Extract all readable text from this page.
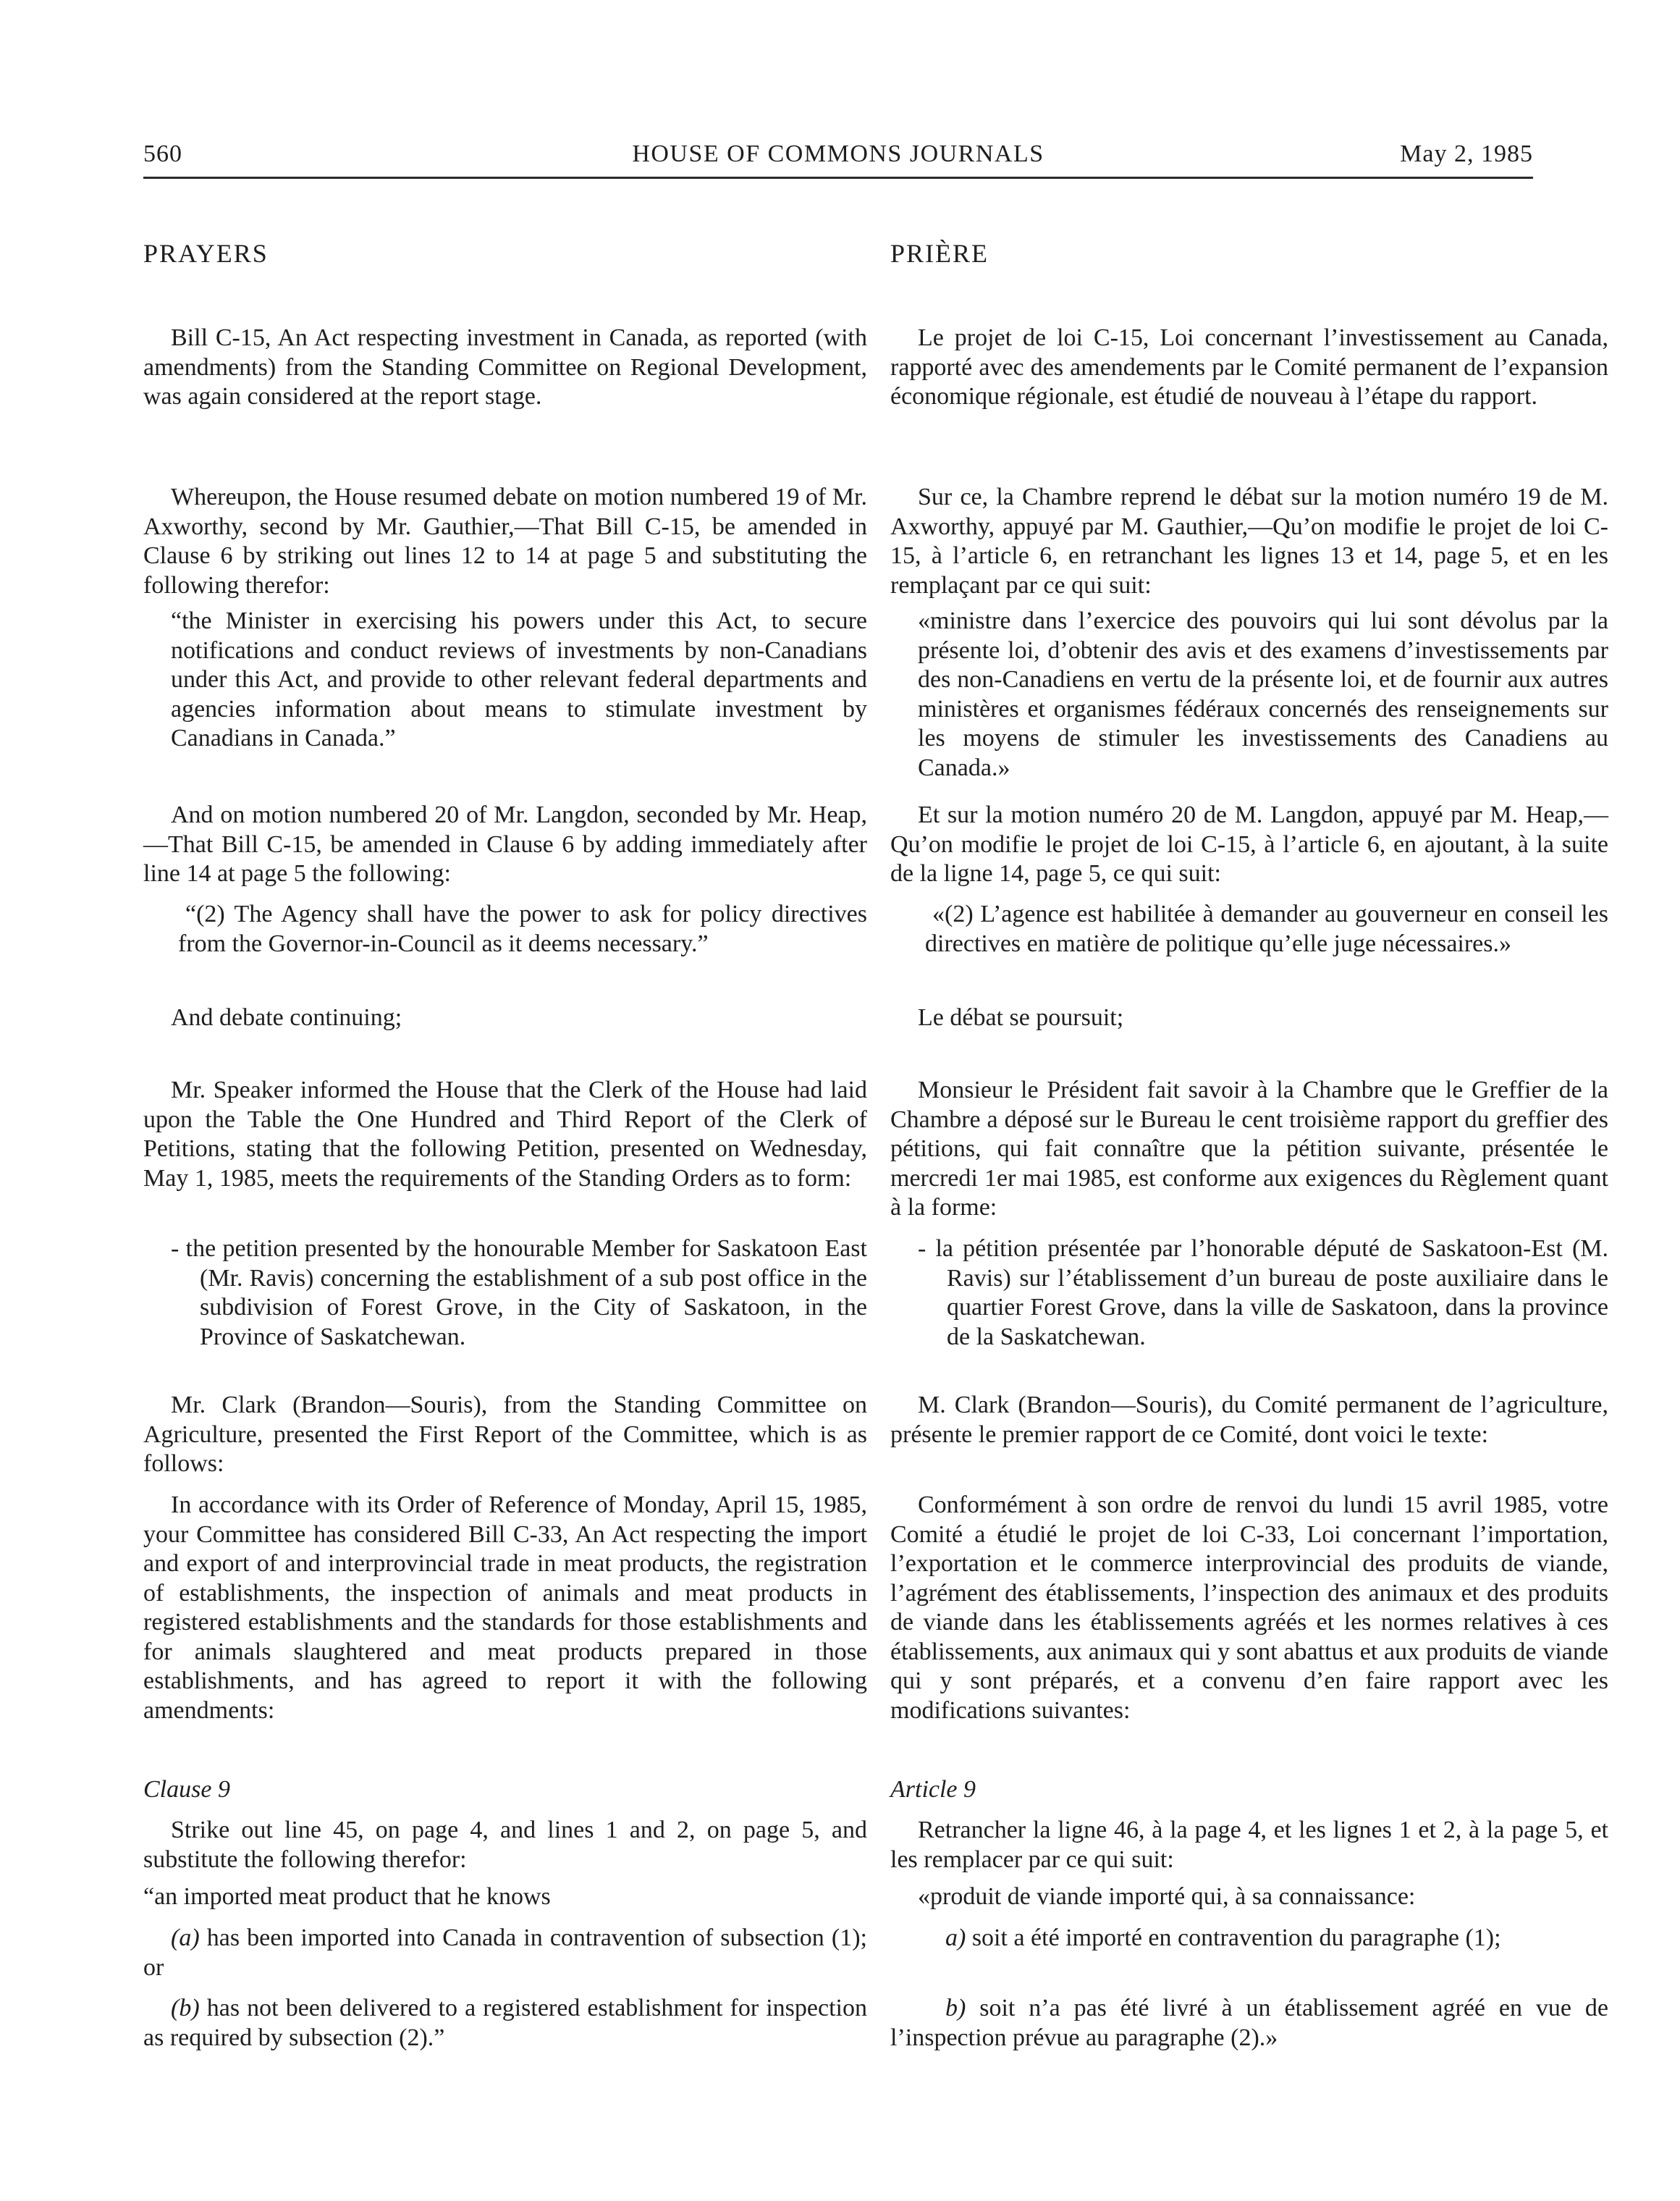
HOUSE OF COMMONS JOURNALS
560	May 2, 1985

PRAYERS

Bill C-15, An Act respecting investment in Canada, as reported (with amendments) from the Standing Committee on Regional Development, was again considered at the report stage.

Whereupon, the House resumed debate on motion numbered 19 of Mr. Axworthy, second by Mr. Gauthier,—That Bill C-15, be amended in Clause 6 by striking out lines 12 to 14 at page 5 and substituting the following therefor:

“the Minister in exercising his powers under this Act, to secure notifications and conduct reviews of investments by non-Canadians under this Act, and provide to other relevant federal departments and agencies information about means to stimulate investment by Canadians in Canada.”

And on motion numbered 20 of Mr. Langdon, seconded by Mr. Heap,—That Bill C-15, be amended in Clause 6 by adding immediately after line 14 at page 5 the following:

“(2) The Agency shall have the power to ask for policy directives from the Governor-in-Council as it deems necessary.”

And debate continuing;

Mr. Speaker informed the House that the Clerk of the House had laid upon the Table the One Hundred and Third Report of the Clerk of Petitions, stating that the following Petition, presented on Wednesday, May 1, 1985, meets the requirements of the Standing Orders as to form:

- the petition presented by the honourable Member for Saskatoon East (Mr. Ravis) concerning the establishment of a sub post office in the subdivision of Forest Grove, in the City of Saskatoon, in the Province of Saskatchewan.

Mr. Clark (Brandon—Souris), from the Standing Committee on Agriculture, presented the First Report of the Committee, which is as follows:

In accordance with its Order of Reference of Monday, April 15, 1985, your Committee has considered Bill C-33, An Act respecting the import and export of and interprovincial trade in meat products, the registration of establishments, the inspection of animals and meat products in registered establishments and the standards for those establishments and for animals slaughtered and meat products prepared in those establishments, and has agreed to report it with the following amendments:

Clause 9

Strike out line 45, on page 4, and lines 1 and 2, on page 5, and substitute the following therefor:

“an imported meat product that he knows

(a) has been imported into Canada in contravention of subsection (1); or

(b) has not been delivered to a registered establishment for inspection as required by subsection (2).”

PRIÈRE

Le projet de loi C-15, Loi concernant l’investissement au Canada, rapporté avec des amendements par le Comité permanent de l’expansion économique régionale, est étudié de nouveau à l’étape du rapport.

Sur ce, la Chambre reprend le débat sur la motion numéro 19 de M. Axworthy, appuyé par M. Gauthier,—Qu’on modifie le projet de loi C-15, à l’article 6, en retranchant les lignes 13 et 14, page 5, et en les remplaçant par ce qui suit:

«ministre dans l’exercice des pouvoirs qui lui sont dévolus par la présente loi, d’obtenir des avis et des examens d’investissements par des non-Canadiens en vertu de la présente loi, et de fournir aux autres ministères et organismes fédéraux concernés des renseignements sur les moyens de stimuler les investissements des Canadiens au Canada.»

Et sur la motion numéro 20 de M. Langdon, appuyé par M. Heap,—Qu’on modifie le projet de loi C-15, à l’article 6, en ajoutant, à la suite de la ligne 14, page 5, ce qui suit:

«(2) L’agence est habilitée à demander au gouverneur en conseil les directives en matière de politique qu’elle juge nécessaires.»

Le débat se poursuit;

Monsieur le Président fait savoir à la Chambre que le Greffier de la Chambre a déposé sur le Bureau le cent troisième rapport du greffier des pétitions, qui fait connaître que la pétition suivante, présentée le mercredi 1er mai 1985, est conforme aux exigences du Règlement quant à la forme:

- la pétition présentée par l’honorable député de Saskatoon-Est (M. Ravis) sur l’établissement d’un bureau de poste auxiliaire dans le quartier Forest Grove, dans la ville de Saskatoon, dans la province de la Saskatchewan.

M. Clark (Brandon—Souris), du Comité permanent de l’agriculture, présente le premier rapport de ce Comité, dont voici le texte:

Conformément à son ordre de renvoi du lundi 15 avril 1985, votre Comité a étudié le projet de loi C-33, Loi concernant l’importation, l’exportation et le commerce interprovincial des produits de viande, l’agrément des établissements, l’inspection des animaux et des produits de viande dans les établissements agréés et les normes relatives à ces établissements, aux animaux qui y sont abattus et aux produits de viande qui y sont préparés, et a convenu d’en faire rapport avec les modifications suivantes:

Article 9

Retrancher la ligne 46, à la page 4, et les lignes 1 et 2, à la page 5, et les remplacer par ce qui suit:

«produit de viande importé qui, à sa connaissance:

a) soit a été importé en contravention du paragraphe (1);

b) soit n’a pas été livré à un établissement agréé en vue de l’inspection prévue au paragraphe (2).»
